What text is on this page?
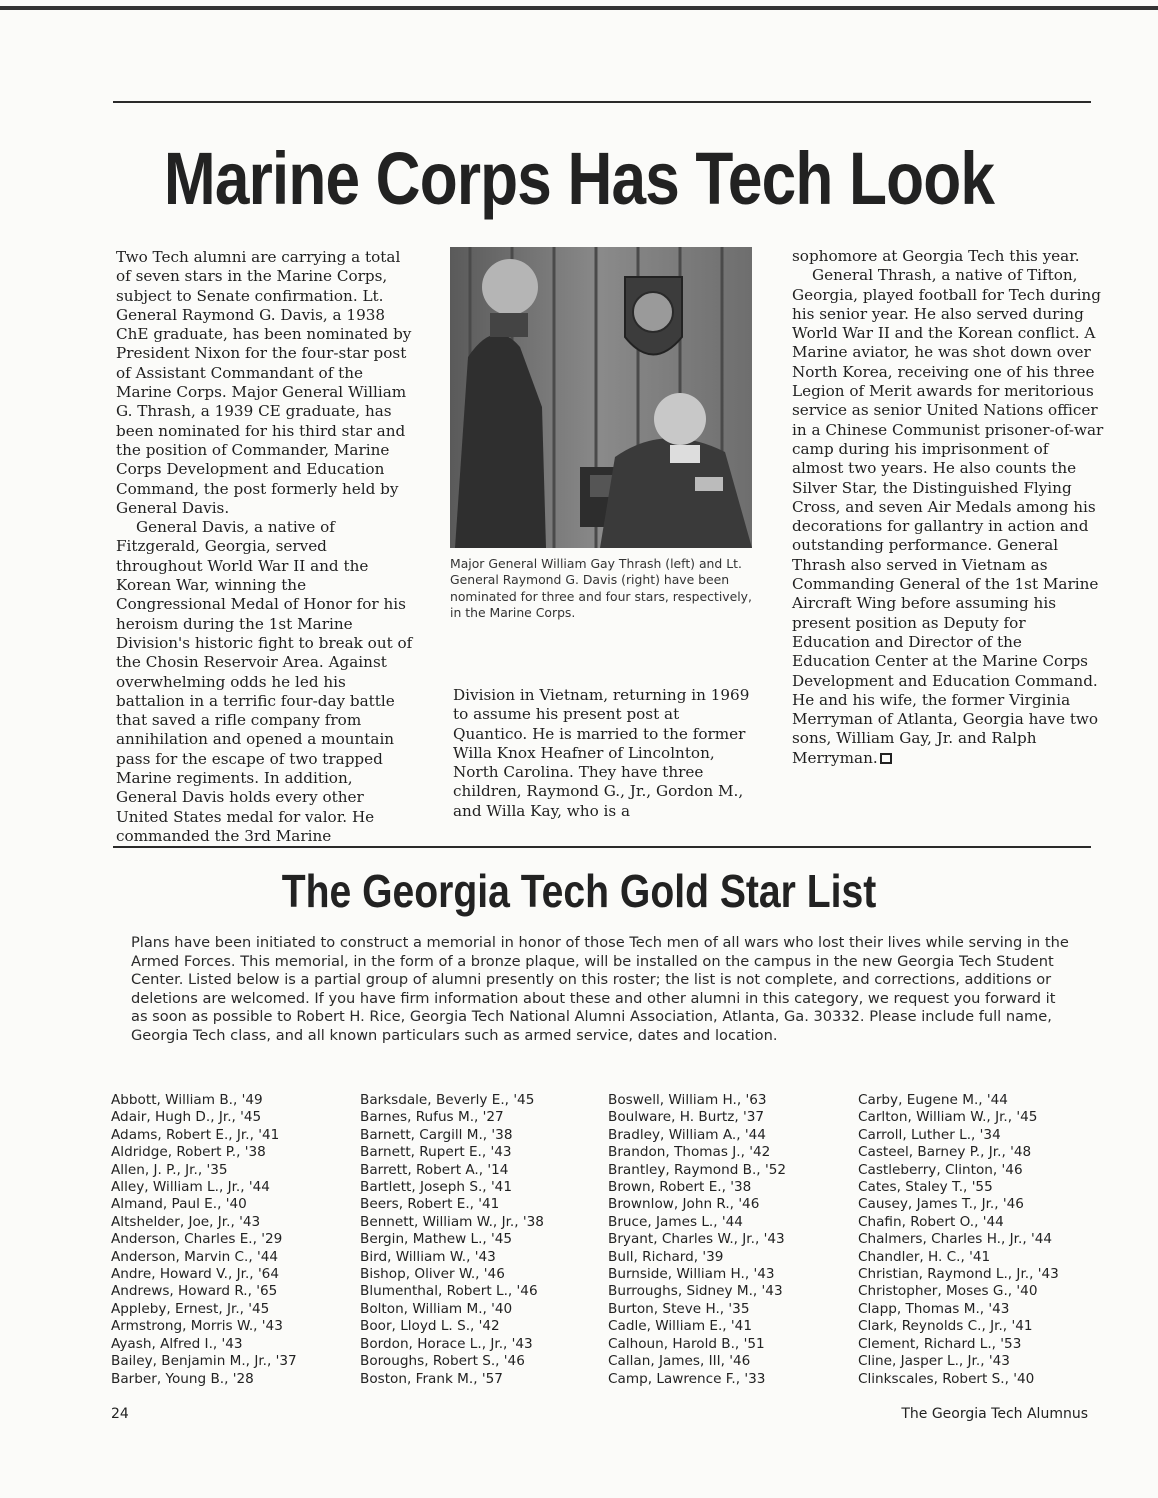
Marine Corps Has Tech Look

Two Tech alumni are carrying a total of seven stars in the Marine Corps, subject to Senate confirmation. Lt. General Raymond G. Davis, a 1938 ChE graduate, has been nominated by President Nixon for the four-star post of Assistant Commandant of the Marine Corps. Major General William G. Thrash, a 1939 CE graduate, has been nominated for his third star and the position of Commander, Marine Corps Development and Education Command, the post formerly held by General Davis.

General Davis, a native of Fitzgerald, Georgia, served throughout World War II and the Korean War, winning the Congressional Medal of Honor for his heroism during the 1st Marine Division's historic fight to break out of the Chosin Reservoir Area. Against overwhelming odds he led his battalion in a terrific four-day battle that saved a rifle company from annihilation and opened a mountain pass for the escape of two trapped Marine regiments. In addition, General Davis holds every other United States medal for valor. He commanded the 3rd Marine

Major General William Gay Thrash (left) and Lt. General Raymond G. Davis (right) have been nominated for three and four stars, respectively, in the Marine Corps.

Division in Vietnam, returning in 1969 to assume his present post at Quantico. He is married to the former Willa Knox Heafner of Lincolnton, North Carolina. They have three children, Raymond G., Jr., Gordon M., and Willa Kay, who is a

sophomore at Georgia Tech this year.

General Thrash, a native of Tifton, Georgia, played football for Tech during his senior year. He also served during World War II and the Korean conflict. A Marine aviator, he was shot down over North Korea, receiving one of his three Legion of Merit awards for meritorious service as senior United Nations officer in a Chinese Communist prisoner-of-war camp during his imprisonment of almost two years. He also counts the Silver Star, the Distinguished Flying Cross, and seven Air Medals among his decorations for gallantry in action and outstanding performance. General Thrash also served in Vietnam as Commanding General of the 1st Marine Aircraft Wing before assuming his present position as Deputy for Education and Director of the Education Center at the Marine Corps Development and Education Command. He and his wife, the former Virginia Merryman of Atlanta, Georgia have two sons, William Gay, Jr. and Ralph Merryman.

The Georgia Tech Gold Star List
Plans have been initiated to construct a memorial in honor of those Tech men of all wars who lost their lives while serving in the Armed Forces. This memorial, in the form of a bronze plaque, will be installed on the campus in the new Georgia Tech Student Center. Listed below is a partial group of alumni presently on this roster; the list is not complete, and corrections, additions or deletions are welcomed. If you have firm information about these and other alumni in this category, we request you forward it as soon as possible to Robert H. Rice, Georgia Tech National Alumni Association, Atlanta, Ga. 30332. Please include full name, Georgia Tech class, and all known particulars such as armed service, dates and location.
Abbott, William B., '49
Adair, Hugh D., Jr., '45
Adams, Robert E., Jr., '41
Aldridge, Robert P., '38
Allen, J. P., Jr., '35
Alley, William L., Jr., '44
Almand, Paul E., '40
Altshelder, Joe, Jr., '43
Anderson, Charles E., '29
Anderson, Marvin C., '44
Andre, Howard V., Jr., '64
Andrews, Howard R., '65
Appleby, Ernest, Jr., '45
Armstrong, Morris W., '43
Ayash, Alfred I., '43
Bailey, Benjamin M., Jr., '37
Barber, Young B., '28
Barksdale, Beverly E., '45
Barnes, Rufus M., '27
Barnett, Cargill M., '38
Barnett, Rupert E., '43
Barrett, Robert A., '14
Bartlett, Joseph S., '41
Beers, Robert E., '41
Bennett, William W., Jr., '38
Bergin, Mathew L., '45
Bird, William W., '43
Bishop, Oliver W., '46
Blumenthal, Robert L., '46
Bolton, William M., '40
Boor, Lloyd L. S., '42
Bordon, Horace L., Jr., '43
Boroughs, Robert S., '46
Boston, Frank M., '57
Boswell, William H., '63
Boulware, H. Burtz, '37
Bradley, William A., '44
Brandon, Thomas J., '42
Brantley, Raymond B., '52
Brown, Robert E., '38
Brownlow, John R., '46
Bruce, James L., '44
Bryant, Charles W., Jr., '43
Bull, Richard, '39
Burnside, William H., '43
Burroughs, Sidney M., '43
Burton, Steve H., '35
Cadle, William E., '41
Calhoun, Harold B., '51
Callan, James, III, '46
Camp, Lawrence F., '33
Carby, Eugene M., '44
Carlton, William W., Jr., '45
Carroll, Luther L., '34
Casteel, Barney P., Jr., '48
Castleberry, Clinton, '46
Cates, Staley T., '55
Causey, James T., Jr., '46
Chafin, Robert O., '44
Chalmers, Charles H., Jr., '44
Chandler, H. C., '41
Christian, Raymond L., Jr., '43
Christopher, Moses G., '40
Clapp, Thomas M., '43
Clark, Reynolds C., Jr., '41
Clement, Richard L., '53
Cline, Jasper L., Jr., '43
Clinkscales, Robert S., '40
24	The Georgia Tech Alumnus
